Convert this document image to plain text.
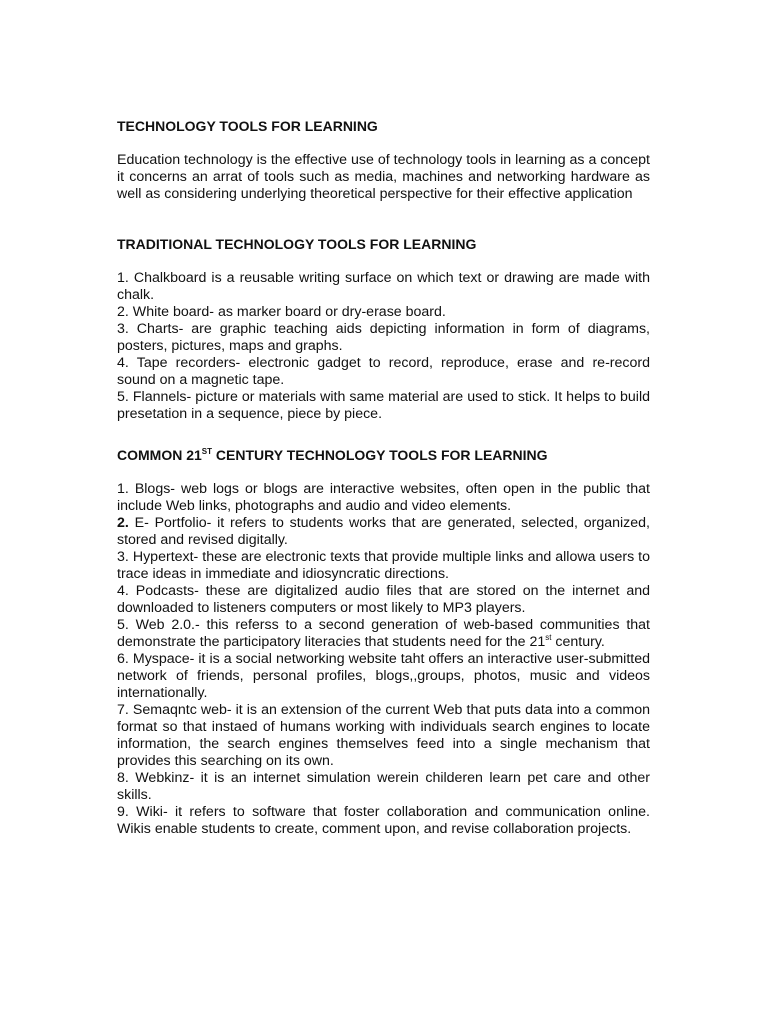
TECHNOLOGY TOOLS FOR LEARNING

Education technology is the effective use of technology tools in learning as a concept it concerns an arrat of tools such as media, machines and networking hardware as well as considering underlying theoretical perspective for their effective application

TRADITIONAL TECHNOLOGY TOOLS FOR LEARNING
1. Chalkboard is a reusable writing surface on which text or drawing are made with chalk.
2. White board- as marker board or dry-erase board.
3. Charts- are graphic teaching aids depicting information in form of diagrams, posters, pictures, maps and graphs.
4. Tape recorders- electronic gadget to record, reproduce, erase and re-record sound on a magnetic tape.
5. Flannels- picture or materials with same material are used to stick. It helps to build presetation in a sequence, piece by piece.
COMMON 21ST CENTURY TECHNOLOGY TOOLS FOR LEARNING
1. Blogs- web logs or blogs are interactive websites, often open in the public that include Web links, photographs and audio and video elements.
2. E- Portfolio- it refers to students works that are generated, selected, organized, stored and revised digitally.
3. Hypertext- these are electronic texts that provide multiple links and allowa users to trace ideas in immediate and idiosyncratic directions.
4. Podcasts- these are digitalized audio files that are stored on the internet and downloaded to listeners computers or most likely to MP3 players.
5. Web 2.0.- this referss to a second generation of web-based communities that demonstrate the participatory literacies that students need for the 21st century.
6. Myspace- it is a social networking website taht offers an interactive user-submitted network of friends, personal profiles, blogs,,groups, photos, music and videos internationally.
7. Semaqntc web- it is an extension of the current Web that puts data into a common format so that instaed of humans working with individuals search engines to locate information, the search engines themselves feed into a single mechanism that provides this searching on its own.
8. Webkinz- it is an internet simulation werein childeren learn pet care and other skills.
9. Wiki- it refers to software that foster collaboration and communication online. Wikis enable students to create, comment upon, and revise collaboration projects.
